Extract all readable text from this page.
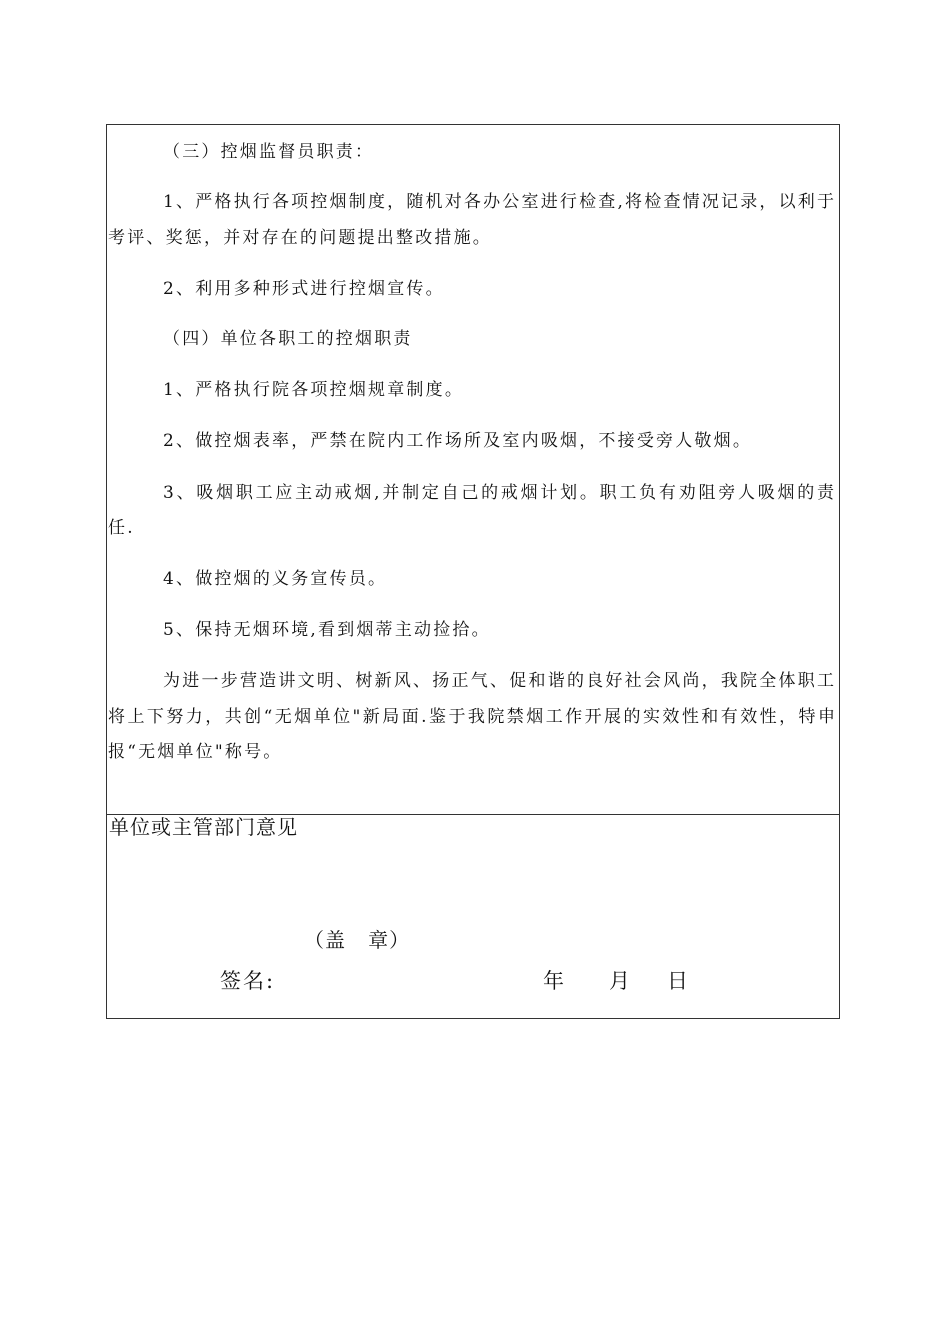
（三）控烟监督员职责：
1、严格执行各项控烟制度，随机对各办公室进行检查,将检查情况记录，以利于
考评、奖惩，并对存在的问题提出整改措施。
2、利用多种形式进行控烟宣传。
（四）单位各职工的控烟职责
1、严格执行院各项控烟规章制度。
2、做控烟表率，严禁在院内工作场所及室内吸烟，不接受旁人敬烟。
3、吸烟职工应主动戒烟,并制定自己的戒烟计划。职工负有劝阻旁人吸烟的责
任.
4、做控烟的义务宣传员。
5、保持无烟环境,看到烟蒂主动捡拾。
为进一步营造讲文明、树新风、扬正气、促和谐的良好社会风尚，我院全体职工
将上下努力，共创“无烟单位"新局面.鉴于我院禁烟工作开展的实效性和有效性，特申
报“无烟单位"称号。
单位或主管部门意见
（盖   章）
签名:	年 月 日
